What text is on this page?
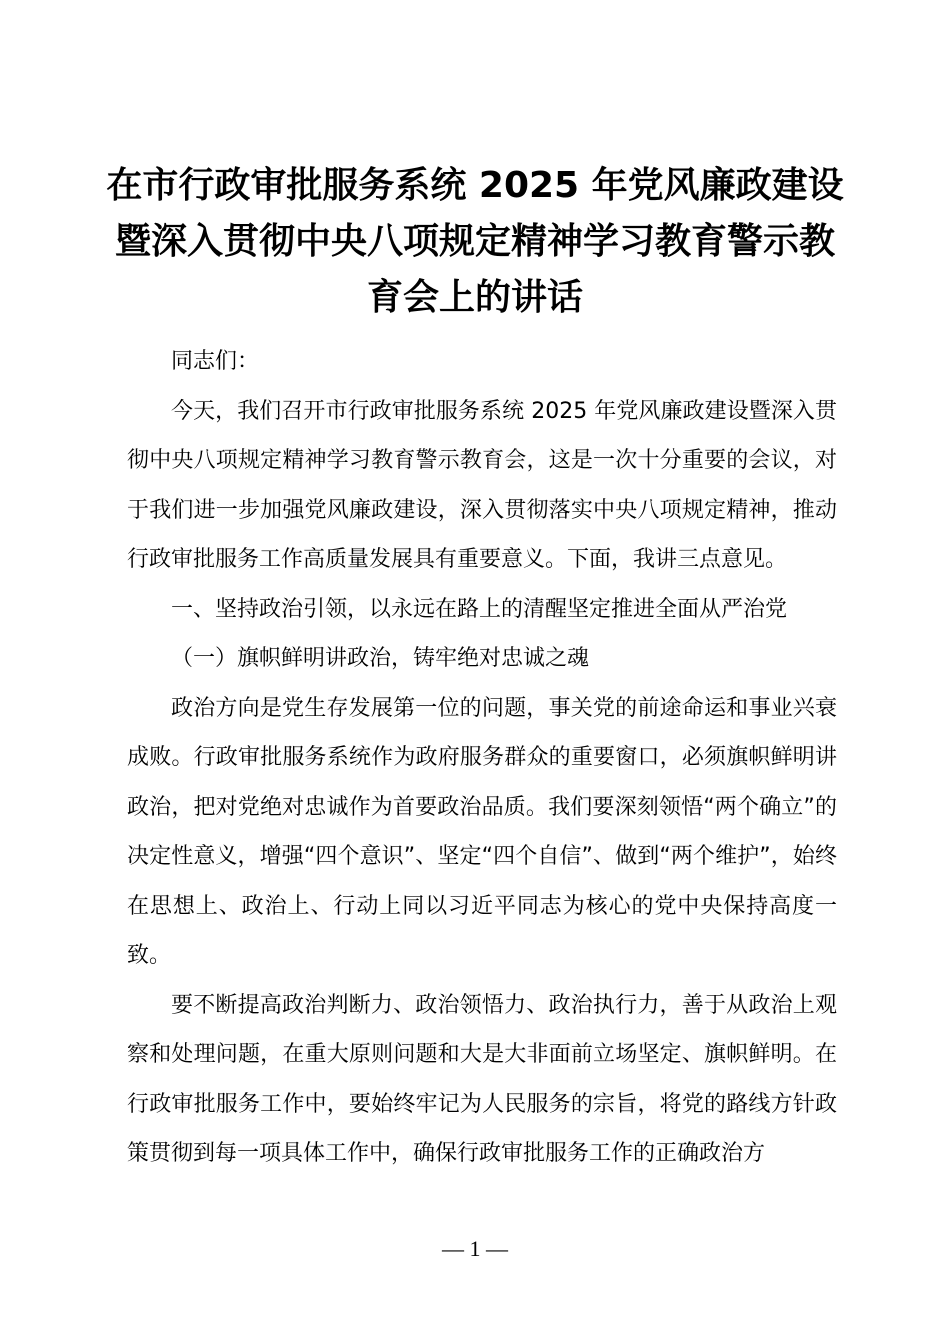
在市行政审批服务系统 2025 年党风廉政建设
暨深入贯彻中央八项规定精神学习教育警示教
育会上的讲话

同志们：

今天，我们召开市行政审批服务系统 2025 年党风廉政建设暨深入贯彻中央八项规定精神学习教育警示教育会，这是一次十分重要的会议，对于我们进一步加强党风廉政建设，深入贯彻落实中央八项规定精神，推动行政审批服务工作高质量发展具有重要意义。下面，我讲三点意见。

一、坚持政治引领，以永远在路上的清醒坚定推进全面从严治党

（一）旗帜鲜明讲政治，铸牢绝对忠诚之魂

政治方向是党生存发展第一位的问题，事关党的前途命运和事业兴衰成败。行政审批服务系统作为政府服务群众的重要窗口，必须旗帜鲜明讲政治，把对党绝对忠诚作为首要政治品质。我们要深刻领悟“两个确立”的决定性意义，增强“四个意识”、坚定“四个自信”、做到“两个维护”，始终在思想上、政治上、行动上同以习近平同志为核心的党中央保持高度一致。

要不断提高政治判断力、政治领悟力、政治执行力，善于从政治上观察和处理问题，在重大原则问题和大是大非面前立场坚定、旗帜鲜明。在行政审批服务工作中，要始终牢记为人民服务的宗旨，将党的路线方针政策贯彻到每一项具体工作中，确保行政审批服务工作的正确政治方

— 1 —
